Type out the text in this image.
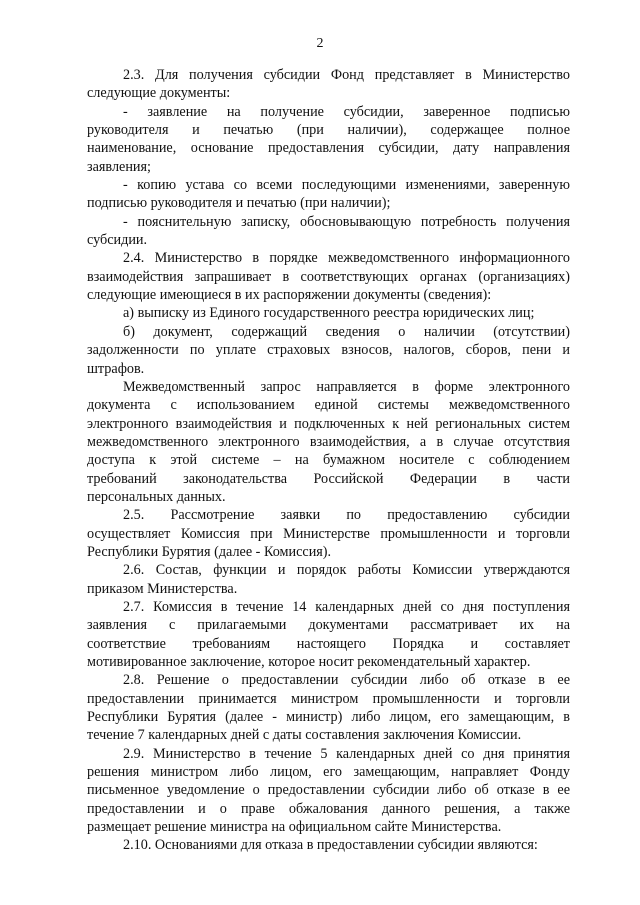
2
2.3. Для получения субсидии Фонд представляет в Министерство
следующие документы:
- заявление на получение субсидии, заверенное подписью
руководителя и печатью (при наличии), содержащее полное
наименование, основание предоставления субсидии, дату направления
заявления;
- копию устава со всеми последующими изменениями, заверенную
подписью руководителя и печатью (при наличии);
- пояснительную записку, обосновывающую потребность получения
субсидии.
2.4. Министерство в порядке межведомственного информационного
взаимодействия запрашивает в соответствующих органах (организациях)
следующие имеющиеся в их распоряжении документы (сведения):
а) выписку из Единого государственного реестра юридических лиц;
б) документ, содержащий сведения о наличии (отсутствии)
задолженности по уплате страховых взносов, налогов, сборов, пени и
штрафов.
Межведомственный запрос направляется в форме электронного
документа с использованием единой системы межведомственного
электронного взаимодействия и подключенных к ней региональных систем
межведомственного электронного взаимодействия, а в случае отсутствия
доступа к этой системе – на бумажном носителе с соблюдением
требований законодательства Российской Федерации в части
персональных данных.
2.5. Рассмотрение заявки по предоставлению субсидии
осуществляет Комиссия при Министерстве промышленности и торговли
Республики Бурятия (далее - Комиссия).
2.6. Состав, функции и порядок работы Комиссии утверждаются
приказом Министерства.
2.7. Комиссия в течение 14 календарных дней со дня поступления
заявления с прилагаемыми документами рассматривает их на
соответствие требованиям настоящего Порядка и составляет
мотивированное заключение, которое носит рекомендательный характер.
2.8. Решение о предоставлении субсидии либо об отказе в ее
предоставлении принимается министром промышленности и торговли
Республики Бурятия (далее - министр) либо лицом, его замещающим, в
течение 7 календарных дней с даты составления заключения Комиссии.
2.9. Министерство в течение 5 календарных дней со дня принятия
решения министром либо лицом, его замещающим, направляет Фонду
письменное уведомление о предоставлении субсидии либо об отказе в ее
предоставлении и о праве обжалования данного решения, а также
размещает решение министра на официальном сайте Министерства.
2.10. Основаниями для отказа в предоставлении субсидии являются:
